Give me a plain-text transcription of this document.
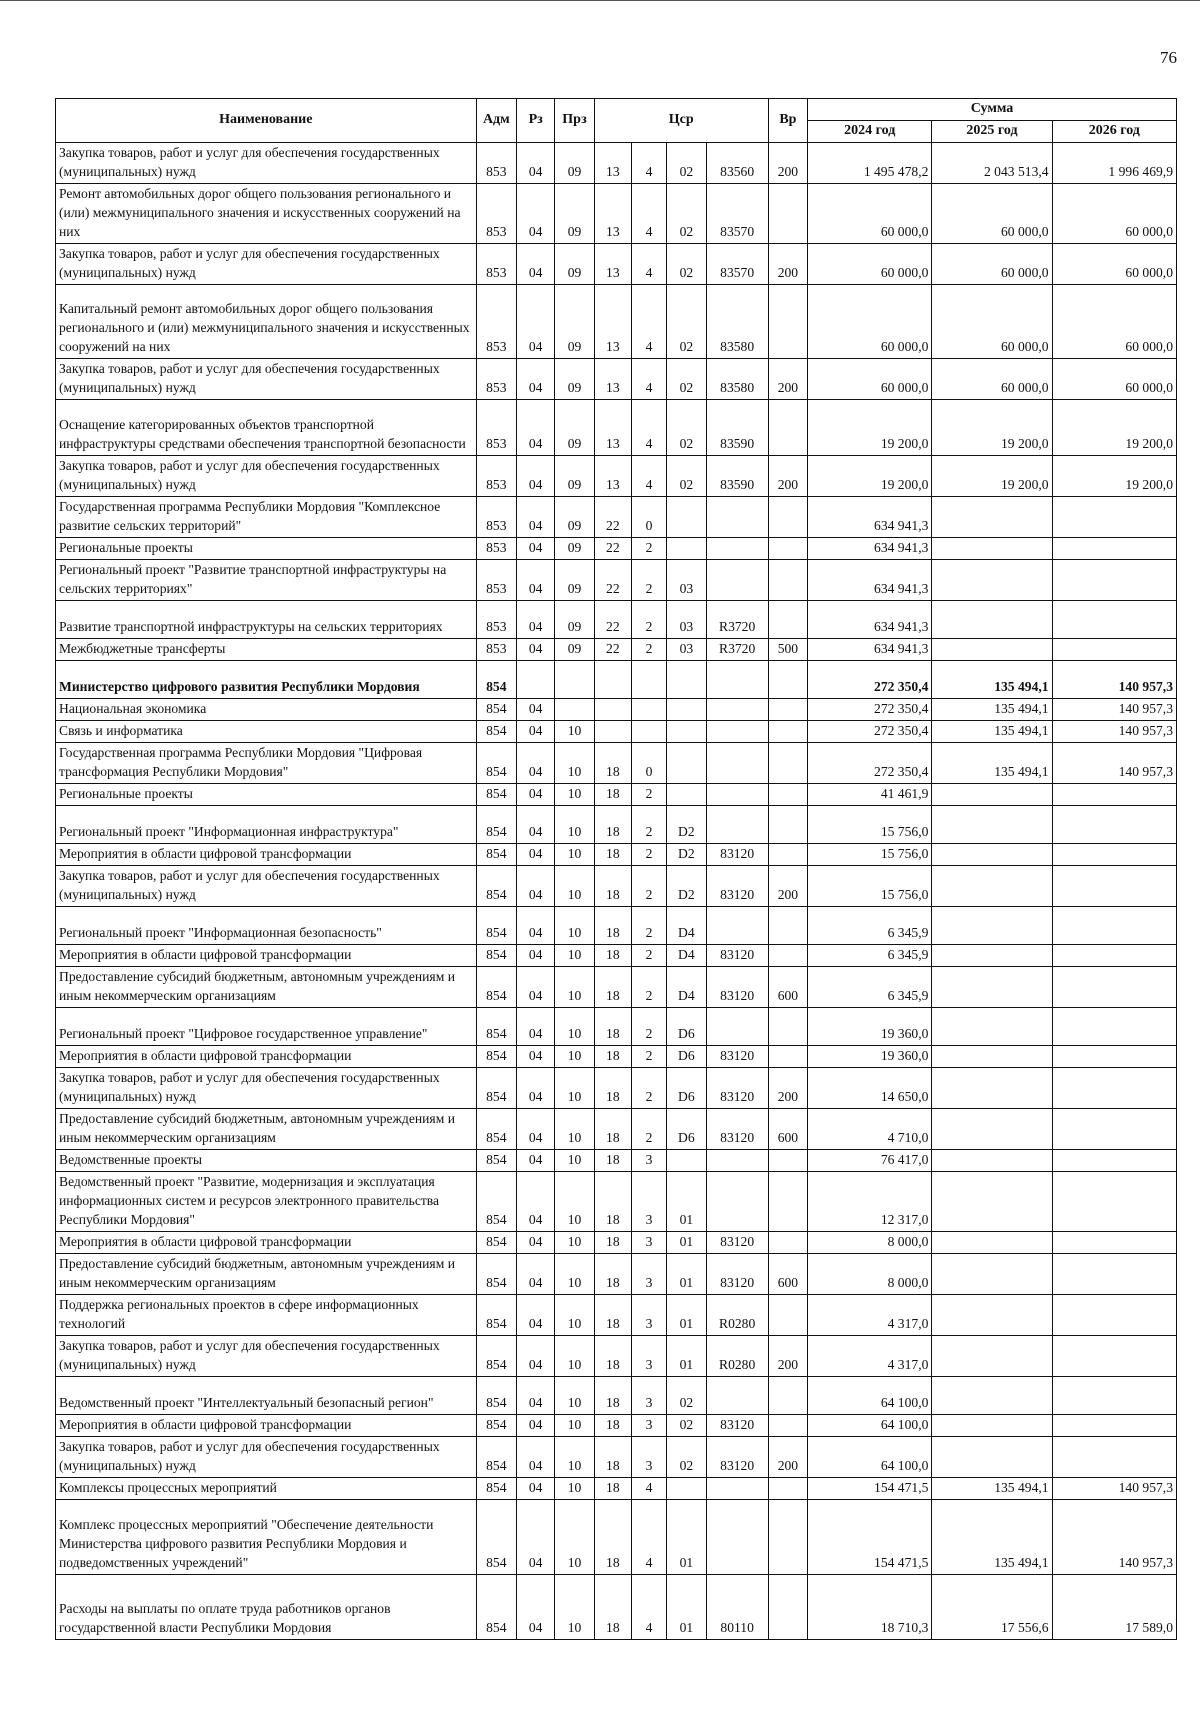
76
Наименование	Адм	Рз	Прз	Цср				Вр	Сумма		
									2024 год	2025 год	2026 год
Закупка товаров, работ и услуг для обеспечения государственных (муниципальных) нужд	853	04	09	13	4	02	83560	200	1 495 478,2	2 043 513,4	1 996 469,9
Ремонт автомобильных дорог общего пользования регионального и (или) межмуниципального значения и искусственных сооружений на них	853	04	09	13	4	02	83570		60 000,0	60 000,0	60 000,0
Закупка товаров, работ и услуг для обеспечения государственных (муниципальных) нужд	853	04	09	13	4	02	83570	200	60 000,0	60 000,0	60 000,0
Капитальный ремонт автомобильных дорог общего пользования регионального и (или) межмуниципального значения и искусственных сооружений на них	853	04	09	13	4	02	83580		60 000,0	60 000,0	60 000,0
Закупка товаров, работ и услуг для обеспечения государственных (муниципальных) нужд	853	04	09	13	4	02	83580	200	60 000,0	60 000,0	60 000,0
Оснащение категорированных объектов транспортной инфраструктуры средствами обеспечения транспортной безопасности	853	04	09	13	4	02	83590		19 200,0	19 200,0	19 200,0
Закупка товаров, работ и услуг для обеспечения государственных (муниципальных) нужд	853	04	09	13	4	02	83590	200	19 200,0	19 200,0	19 200,0
Государственная программа Республики Мордовия "Комплексное развитие сельских территорий"	853	04	09	22	0				634 941,3		
Региональные проекты	853	04	09	22	2				634 941,3		
Региональный проект "Развитие транспортной инфраструктуры на сельских территориях"	853	04	09	22	2	03			634 941,3		
Развитие транспортной инфраструктуры на сельских территориях	853	04	09	22	2	03	R3720		634 941,3		
Межбюджетные трансферты	853	04	09	22	2	03	R3720	500	634 941,3		
Министерство цифрового развития Республики Мордовия	854								272 350,4	135 494,1	140 957,3
Национальная экономика	854	04							272 350,4	135 494,1	140 957,3
Связь и информатика	854	04	10						272 350,4	135 494,1	140 957,3
Государственная программа Республики Мордовия "Цифровая трансформация Республики Мордовия"	854	04	10	18	0				272 350,4	135 494,1	140 957,3
Региональные проекты	854	04	10	18	2				41 461,9		
Региональный проект "Информационная инфраструктура"	854	04	10	18	2	D2			15 756,0		
Мероприятия в области цифровой трансформации	854	04	10	18	2	D2	83120		15 756,0		
Закупка товаров, работ и услуг для обеспечения государственных (муниципальных) нужд	854	04	10	18	2	D2	83120	200	15 756,0		
Региональный проект "Информационная безопасность"	854	04	10	18	2	D4			6 345,9		
Мероприятия в области цифровой трансформации	854	04	10	18	2	D4	83120		6 345,9		
Предоставление субсидий бюджетным, автономным учреждениям и иным некоммерческим организациям	854	04	10	18	2	D4	83120	600	6 345,9		
Региональный проект "Цифровое государственное управление"	854	04	10	18	2	D6			19 360,0		
Мероприятия в области цифровой трансформации	854	04	10	18	2	D6	83120		19 360,0		
Закупка товаров, работ и услуг для обеспечения государственных (муниципальных) нужд	854	04	10	18	2	D6	83120	200	14 650,0		
Предоставление субсидий бюджетным, автономным учреждениям и иным некоммерческим организациям	854	04	10	18	2	D6	83120	600	4 710,0		
Ведомственные проекты	854	04	10	18	3				76 417,0		
Ведомственный проект "Развитие, модернизация и эксплуатация информационных систем и ресурсов электронного правительства Республики Мордовия"	854	04	10	18	3	01			12 317,0		
Мероприятия в области цифровой трансформации	854	04	10	18	3	01	83120		8 000,0		
Предоставление субсидий бюджетным, автономным учреждениям и иным некоммерческим организациям	854	04	10	18	3	01	83120	600	8 000,0		
Поддержка региональных проектов в сфере информационных технологий	854	04	10	18	3	01	R0280		4 317,0		
Закупка товаров, работ и услуг для обеспечения государственных (муниципальных) нужд	854	04	10	18	3	01	R0280	200	4 317,0		
Ведомственный проект "Интеллектуальный безопасный регион"	854	04	10	18	3	02			64 100,0		
Мероприятия в области цифровой трансформации	854	04	10	18	3	02	83120		64 100,0		
Закупка товаров, работ и услуг для обеспечения государственных (муниципальных) нужд	854	04	10	18	3	02	83120	200	64 100,0		
Комплексы процессных мероприятий	854	04	10	18	4				154 471,5	135 494,1	140 957,3
Комплекс процессных мероприятий "Обеспечение деятельности Министерства цифрового развития Республики Мордовия и подведомственных учреждений"	854	04	10	18	4	01			154 471,5	135 494,1	140 957,3
Расходы на выплаты по оплате труда работников органов государственной власти Республики Мордовия	854	04	10	18	4	01	80110		18 710,3	17 556,6	17 589,0
